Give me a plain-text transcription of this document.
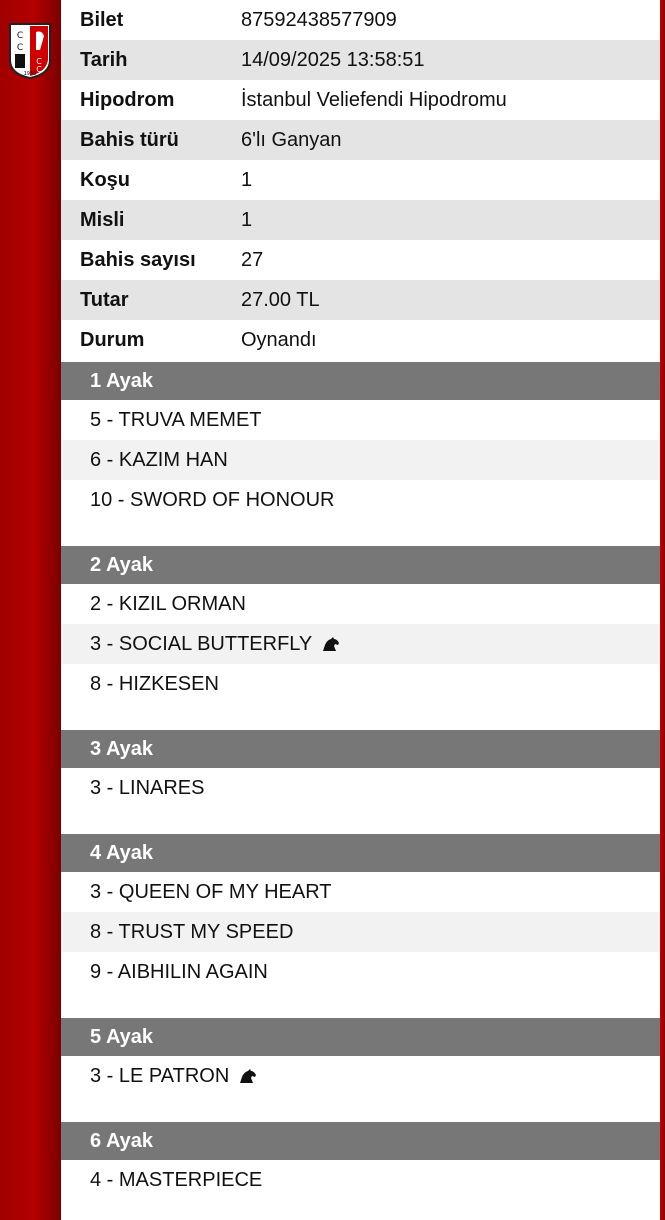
C
C
C
C
1950
Bilet	87592438577909
Tarih	14/09/2025 13:58:51
Hipodrom	İstanbul Veliefendi Hipodromu
Bahis türü	6'lı Ganyan
Koşu	1
Misli	1
Bahis sayısı	27
Tutar	27.00 TL
Durum	Oynandı
1 Ayak
5 - TRUVA MEMET
6 - KAZIM HAN
10 - SWORD OF HONOUR
2 Ayak
2 - KIZIL ORMAN
3 - SOCIAL BUTTERFLY
8 - HIZKESEN
3 Ayak
3 - LINARES
4 Ayak
3 - QUEEN OF MY HEART
8 - TRUST MY SPEED
9 - AIBHILIN AGAIN
5 Ayak
3 - LE PATRON
6 Ayak
4 - MASTERPIECE
